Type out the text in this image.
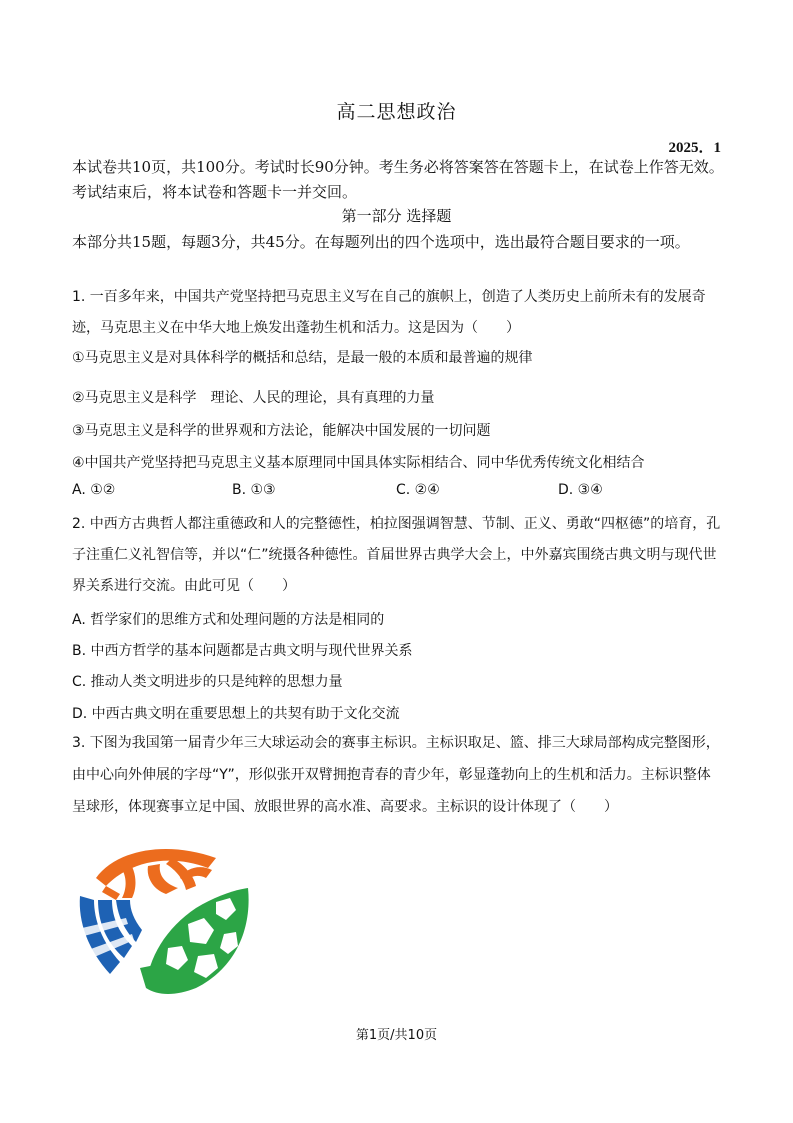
高二思想政治
2025．1
本试卷共10页，共100分。考试时长90分钟。考生务必将答案答在答题卡上，在试卷上作答无效。考试结束后，将本试卷和答题卡一并交回。
第一部分 选择题
本部分共15题，每题3分，共45分。在每题列出的四个选项中，选出最符合题目要求的一项。
1. 一百多年来，中国共产党坚持把马克思主义写在自己的旗帜上，创造了人类历史上前所未有的发展奇迹，马克思主义在中华大地上焕发出蓬勃生机和活力。这是因为（　　）
①马克思主义是对具体科学的概括和总结，是最一般的本质和最普遍的规律
②马克思主义是科学　理论、人民的理论，具有真理的力量
③马克思主义是科学的世界观和方法论，能解决中国发展的一切问题
④中国共产党坚持把马克思主义基本原理同中国具体实际相结合、同中华优秀传统文化相结合
A. ①②	B. ①③	C. ②④	D. ③④
2. 中西方古典哲人都注重德政和人的完整德性，柏拉图强调智慧、节制、正义、勇敢“四枢德”的培育，孔子注重仁义礼智信等，并以“仁”统摄各种德性。首届世界古典学大会上，中外嘉宾围绕古典文明与现代世界关系进行交流。由此可见（　　）
A. 哲学家们的思维方式和处理问题的方法是相同的
B. 中西方哲学的基本问题都是古典文明与现代世界关系
C. 推动人类文明进步的只是纯粹的思想力量
D. 中西古典文明在重要思想上的共契有助于文化交流
3. 下图为我国第一届青少年三大球运动会的赛事主标识。主标识取足、篮、排三大球局部构成完整图形，由中心向外伸展的字母“Y”，形似张开双臂拥抱青春的青少年，彰显蓬勃向上的生机和活力。主标识整体呈球形，体现赛事立足中国、放眼世界的高水准、高要求。主标识的设计体现了（　　）
第1页/共10页
